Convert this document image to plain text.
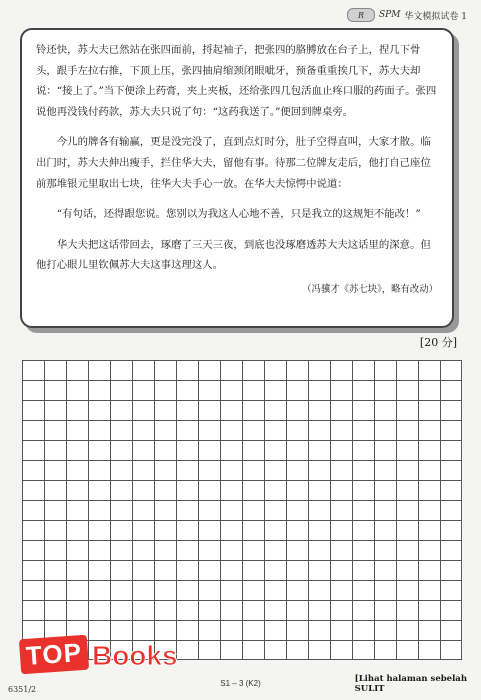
R	SPM 华文模拟试卷 1

铃还快，苏大夫已然站在张四面前，捋起袖子，把张四的胳膊放在台子上，捏几下骨头，跟手左拉右推，下顶上压，张四抽肩缩颈闭眼呲牙，预备重重挨几下，苏大夫却说：“接上了。”当下便涂上药膏，夹上夹板，还给张四几包活血止疼口服的药面子。张四说他再没钱付药款，苏大夫只说了句：“这药我送了。”便回到牌桌旁。

今儿的牌各有输赢，更是没完没了，直到点灯时分，肚子空得直叫，大家才散。临出门时，苏大夫伸出瘦手，拦住华大夫，留他有事。待那二位牌友走后，他打自己座位前那堆银元里取出七块，往华大夫手心一放。在华大夫惊愕中说道：

“有句话，还得跟您说。您别以为我这人心地不善，只是我立的这规矩不能改！”

华大夫把这话带回去，琢磨了三天三夜，到底也没琢磨透苏大夫这话里的深意。但他打心眼儿里钦佩苏大夫这事这理这人。

（冯骥才《苏七块》，略有改动）
[20 分]
TOP Books
6351/2
S1 – 3 (K2)	[Lihat halaman sebelah
SULIT
